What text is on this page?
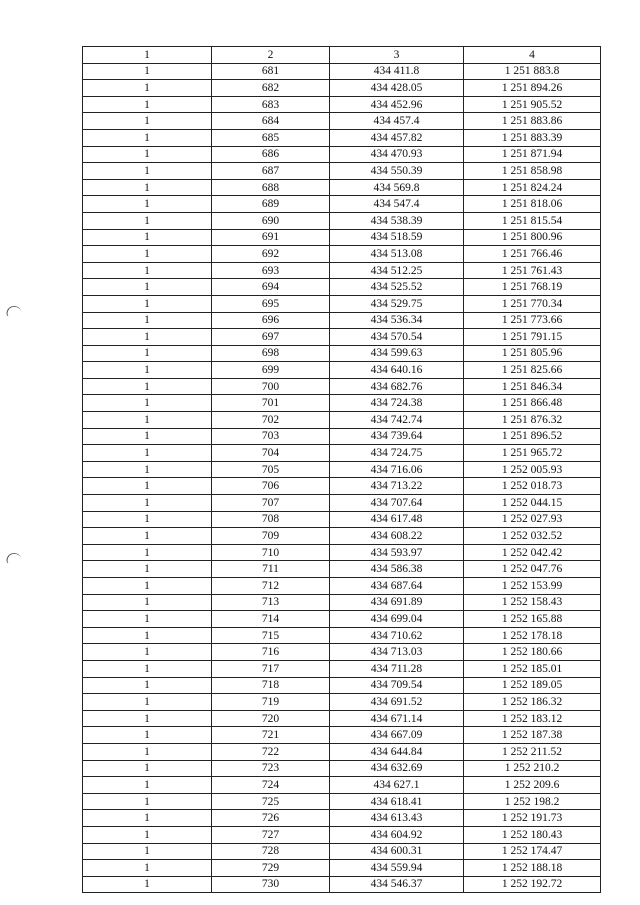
1	2	3	4
1	681	434 411.8	1 251 883.8
1	682	434 428.05	1 251 894.26
1	683	434 452.96	1 251 905.52
1	684	434 457.4	1 251 883.86
1	685	434 457.82	1 251 883.39
1	686	434 470.93	1 251 871.94
1	687	434 550.39	1 251 858.98
1	688	434 569.8	1 251 824.24
1	689	434 547.4	1 251 818.06
1	690	434 538.39	1 251 815.54
1	691	434 518.59	1 251 800.96
1	692	434 513.08	1 251 766.46
1	693	434 512.25	1 251 761.43
1	694	434 525.52	1 251 768.19
1	695	434 529.75	1 251 770.34
1	696	434 536.34	1 251 773.66
1	697	434 570.54	1 251 791.15
1	698	434 599.63	1 251 805.96
1	699	434 640.16	1 251 825.66
1	700	434 682.76	1 251 846.34
1	701	434 724.38	1 251 866.48
1	702	434 742.74	1 251 876.32
1	703	434 739.64	1 251 896.52
1	704	434 724.75	1 251 965.72
1	705	434 716.06	1 252 005.93
1	706	434 713.22	1 252 018.73
1	707	434 707.64	1 252 044.15
1	708	434 617.48	1 252 027.93
1	709	434 608.22	1 252 032.52
1	710	434 593.97	1 252 042.42
1	711	434 586.38	1 252 047.76
1	712	434 687.64	1 252 153.99
1	713	434 691.89	1 252 158.43
1	714	434 699.04	1 252 165.88
1	715	434 710.62	1 252 178.18
1	716	434 713.03	1 252 180.66
1	717	434 711.28	1 252 185.01
1	718	434 709.54	1 252 189.05
1	719	434 691.52	1 252 186.32
1	720	434 671.14	1 252 183.12
1	721	434 667.09	1 252 187.38
1	722	434 644.84	1 252 211.52
1	723	434 632.69	1 252 210.2
1	724	434 627.1	1 252 209.6
1	725	434 618.41	1 252 198.2
1	726	434 613.43	1 252 191.73
1	727	434 604.92	1 252 180.43
1	728	434 600.31	1 252 174.47
1	729	434 559.94	1 252 188.18
1	730	434 546.37	1 252 192.72
